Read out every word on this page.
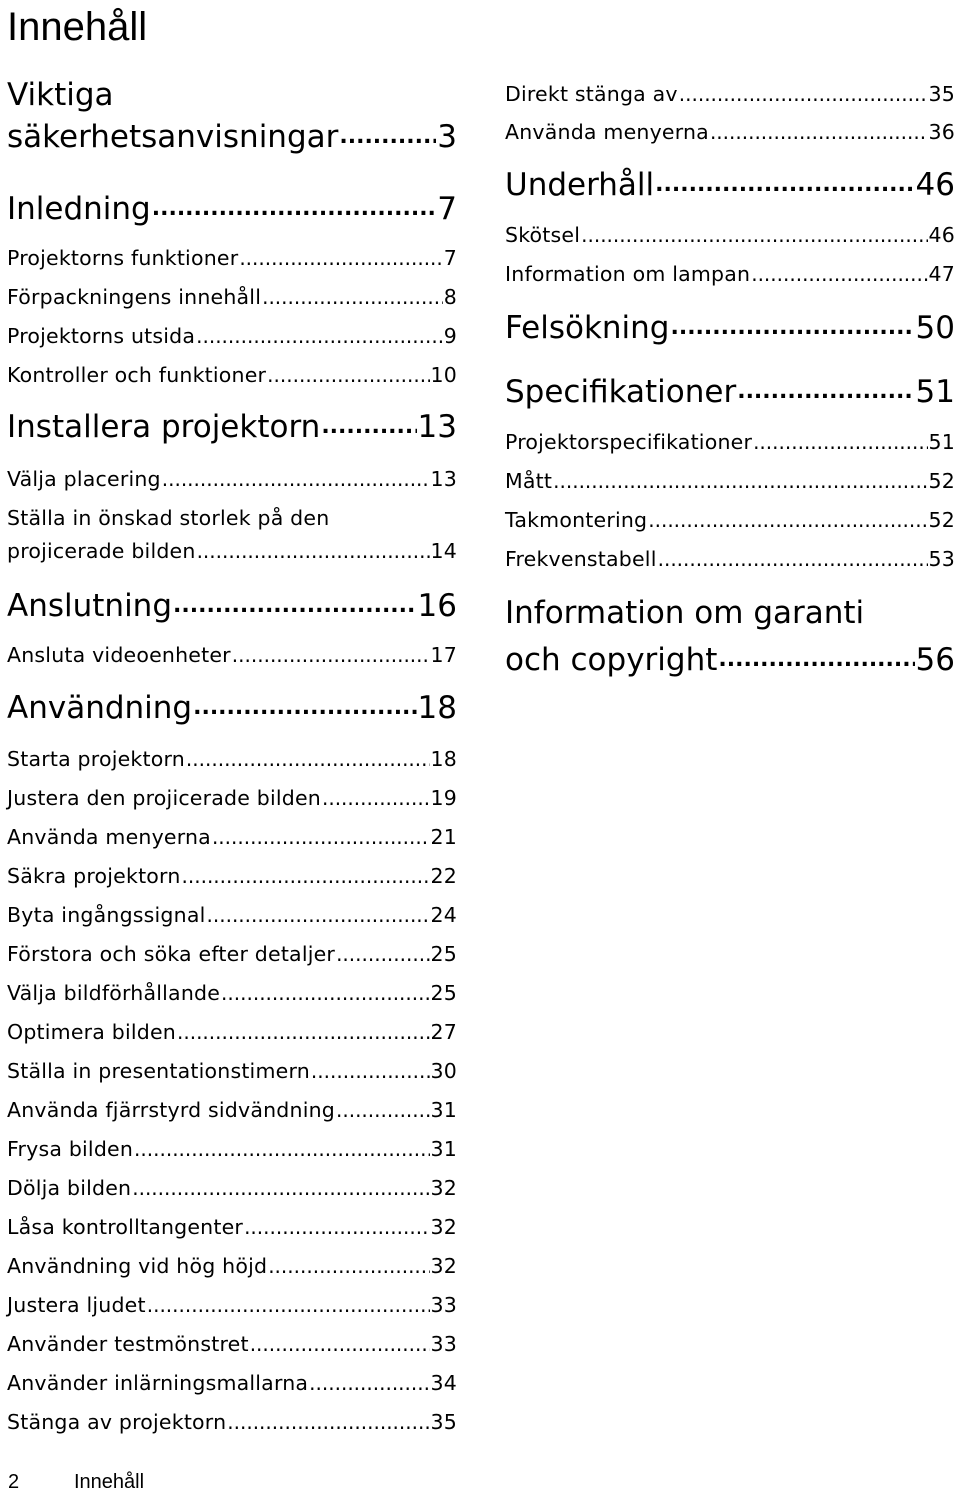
Innehåll
Viktiga
säkerhetsanvisningar .....	3
Inledning .....	7
Projektorns funktioner .....	7
Förpackningens innehåll .....	8
Projektorns utsida .....	9
Kontroller och funktioner .....	10
Installera projektorn .....	13
Välja placering .....	13
Ställa in önskad storlek på den
projicerade bilden .....	14
Anslutning .....	16
Ansluta videoenheter .....	17
Användning .....	18
Starta projektorn .....	18
Justera den projicerade bilden .....	19
Använda menyerna .....	21
Säkra projektorn .....	22
Byta ingångssignal .....	24
Förstora och söka efter detaljer .....	25
Välja bildförhållande .....	25
Optimera bilden .....	27
Ställa in presentationstimern .....	30
Använda fjärrstyrd sidvändning .....	31
Frysa bilden .....	31
Dölja bilden .....	32
Låsa kontrolltangenter .....	32
Användning vid hög höjd .....	32
Justera ljudet .....	33
Använder testmönstret .....	33
Använder inlärningsmallarna .....	34
Stänga av projektorn .....	35
Direkt stänga av .....	35
Använda menyerna .....	36
Underhåll .....	46
Skötsel .....	46
Information om lampan .....	47
Felsökning .....	50
Specifikationer .....	51
Projektorspecifikationer .....	51
Mått .....	52
Takmontering .....	52
Frekvenstabell .....	53
Information om garanti
och copyright .....	56
2	Innehåll
